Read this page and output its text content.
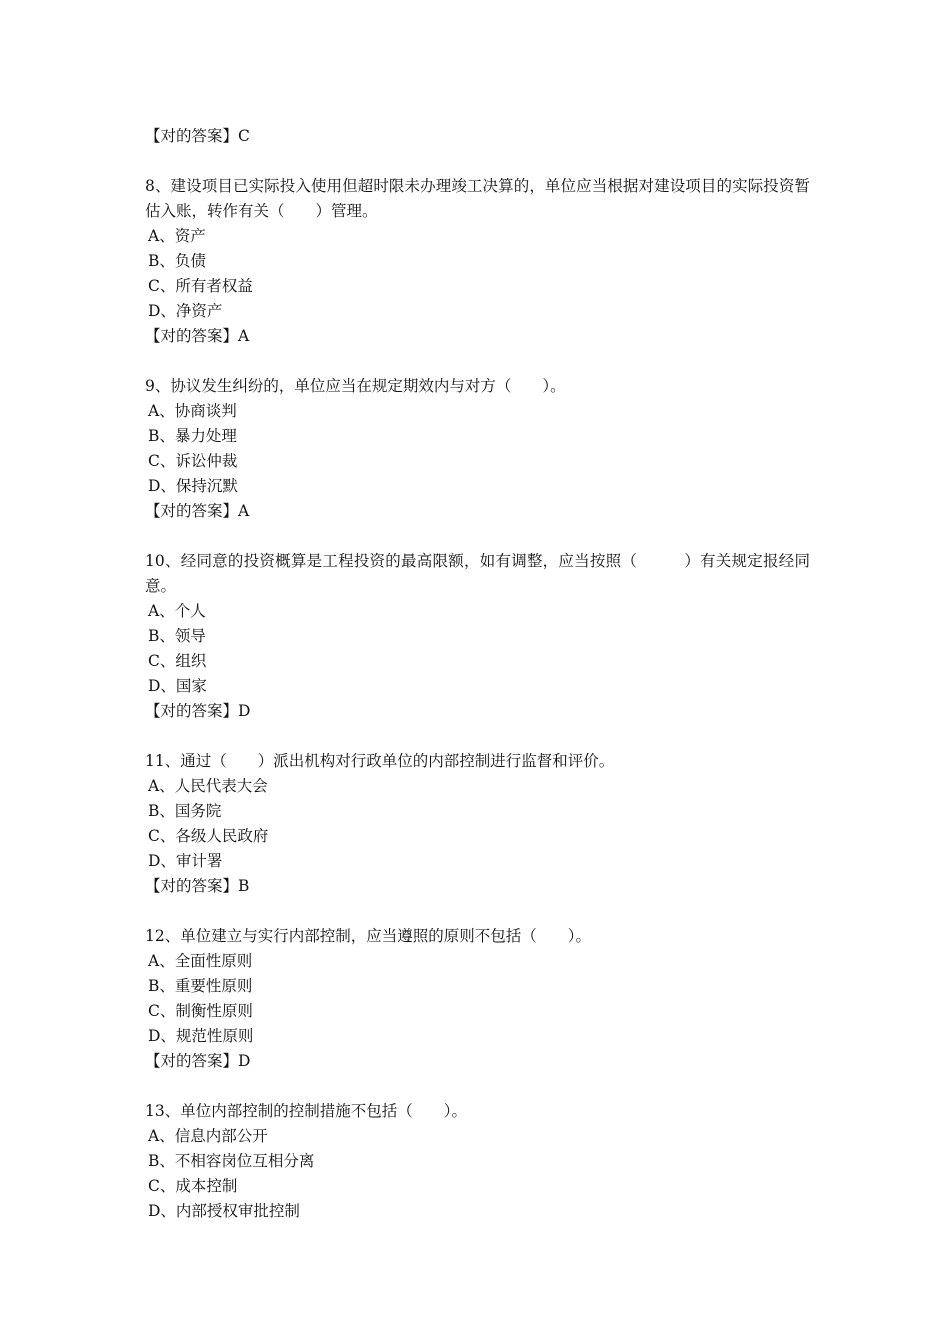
【对的答案】C

8、建设项目已实际投入使用但超时限未办理竣工决算的，单位应当根据对建设项目的实际投资暂估入账，转作有关（　　）管理。

A、资产

B、负债

C、所有者权益

D、净资产

【对的答案】A

9、协议发生纠纷的，单位应当在规定期效内与对方（　　）。

A、协商谈判

B、暴力处理

C、诉讼仲裁

D、保持沉默

【对的答案】A

10、经同意的投资概算是工程投资的最高限额，如有调整，应当按照（　　　）有关规定报经同意。

A、个人

B、领导

C、组织

D、国家

【对的答案】D

11、通过（　　）派出机构对行政单位的内部控制进行监督和评价。

A、人民代表大会

B、国务院

C、各级人民政府

D、审计署

【对的答案】B

12、单位建立与实行内部控制，应当遵照的原则不包括（　　）。

A、全面性原则

B、重要性原则

C、制衡性原则

D、规范性原则

【对的答案】D

13、单位内部控制的控制措施不包括（　　）。

A、信息内部公开

B、不相容岗位互相分离

C、成本控制

D、内部授权审批控制
